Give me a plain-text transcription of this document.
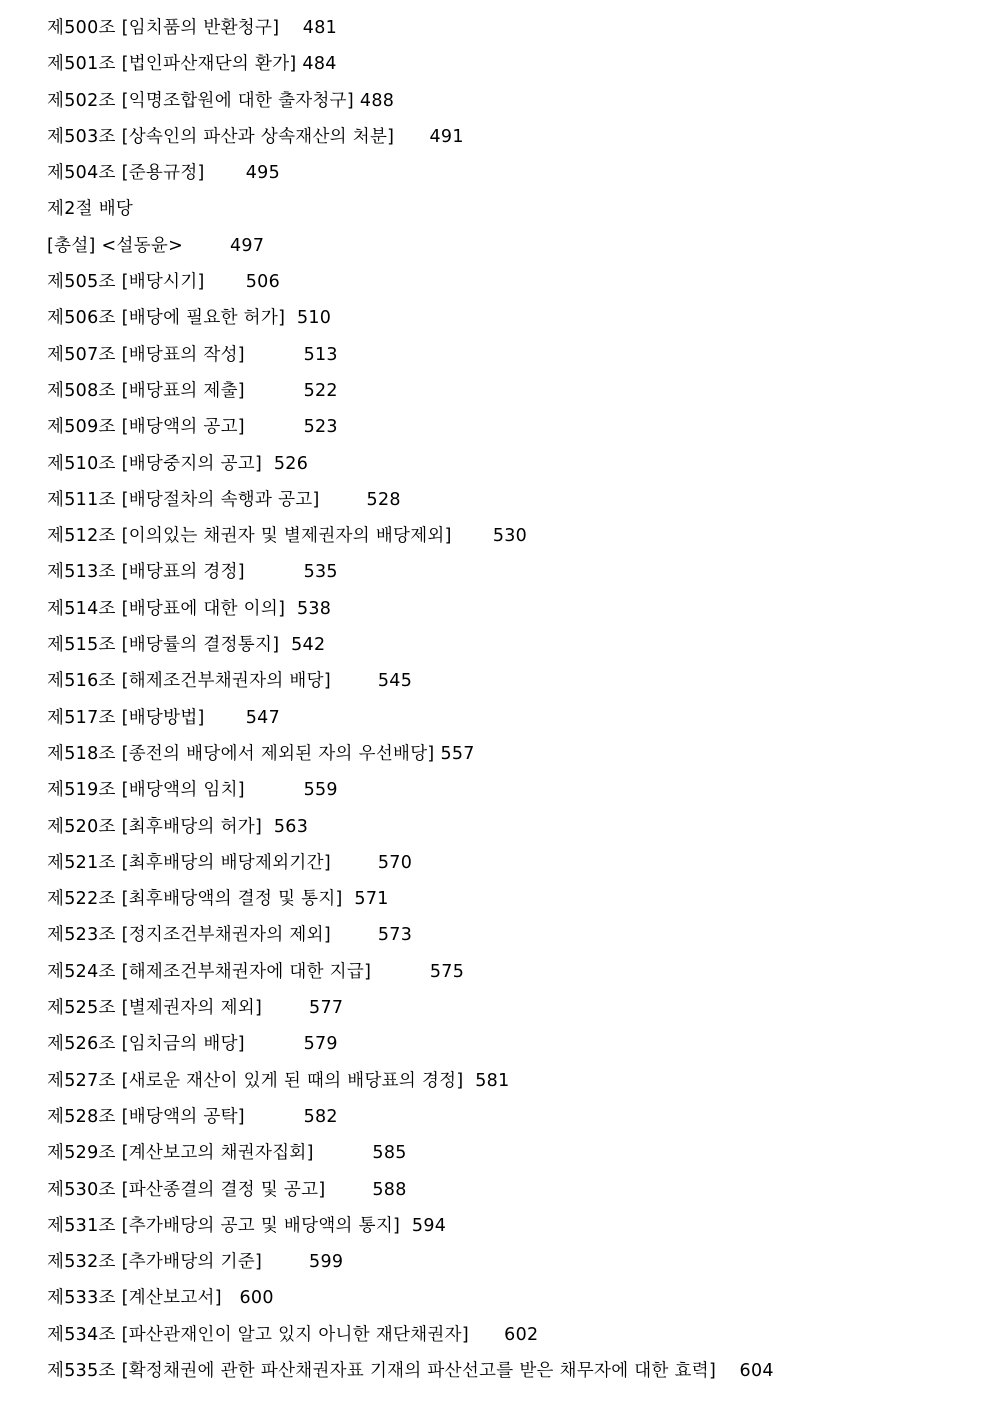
제500조 [임치품의 반환청구] 481
제501조 [법인파산재단의 환가] 484
제502조 [익명조합원에 대한 출자청구] 488
제503조 [상속인의 파산과 상속재산의 처분] 491
제504조 [준용규정] 495
제2절 배당
[총설] <설동윤>	497
제505조 [배당시기] 506
제506조 [배당에 필요한 허가] 510
제507조 [배당표의 작성]	513
제508조 [배당표의 제출]	522
제509조 [배당액의 공고]	523
제510조 [배당중지의 공고] 526
제511조 [배당절차의 속행과 공고]	528
제512조 [이의있는 채권자 및 별제권자의 배당제외] 530
제513조 [배당표의 경정]	535
제514조 [배당표에 대한 이의] 538
제515조 [배당률의 결정통지] 542
제516조 [해제조건부채권자의 배당]	545
제517조 [배당방법] 547
제518조 [종전의 배당에서 제외된 자의 우선배당] 557
제519조 [배당액의 임치]	559
제520조 [최후배당의 허가] 563
제521조 [최후배당의 배당제외기간]	570
제522조 [최후배당액의 결정 및 통지] 571
제523조 [정지조건부채권자의 제외]	573
제524조 [해제조건부채권자에 대한 지급]	575
제525조 [별제권자의 제외]	577
제526조 [임치금의 배당]	579
제527조 [새로운 재산이 있게 된 때의 배당표의 경정] 581
제528조 [배당액의 공탁]	582
제529조 [계산보고의 채권자집회]	585
제530조 [파산종결의 결정 및 공고]	588
제531조 [추가배당의 공고 및 배당액의 통지] 594
제532조 [추가배당의 기준]	599
제533조 [계산보고서] 600
제534조 [파산관재인이 알고 있지 아니한 재단채권자] 602
제535조 [확정채권에 관한 파산채권자표 기재의 파산선고를 받은 채무자에 대한 효력] 604
